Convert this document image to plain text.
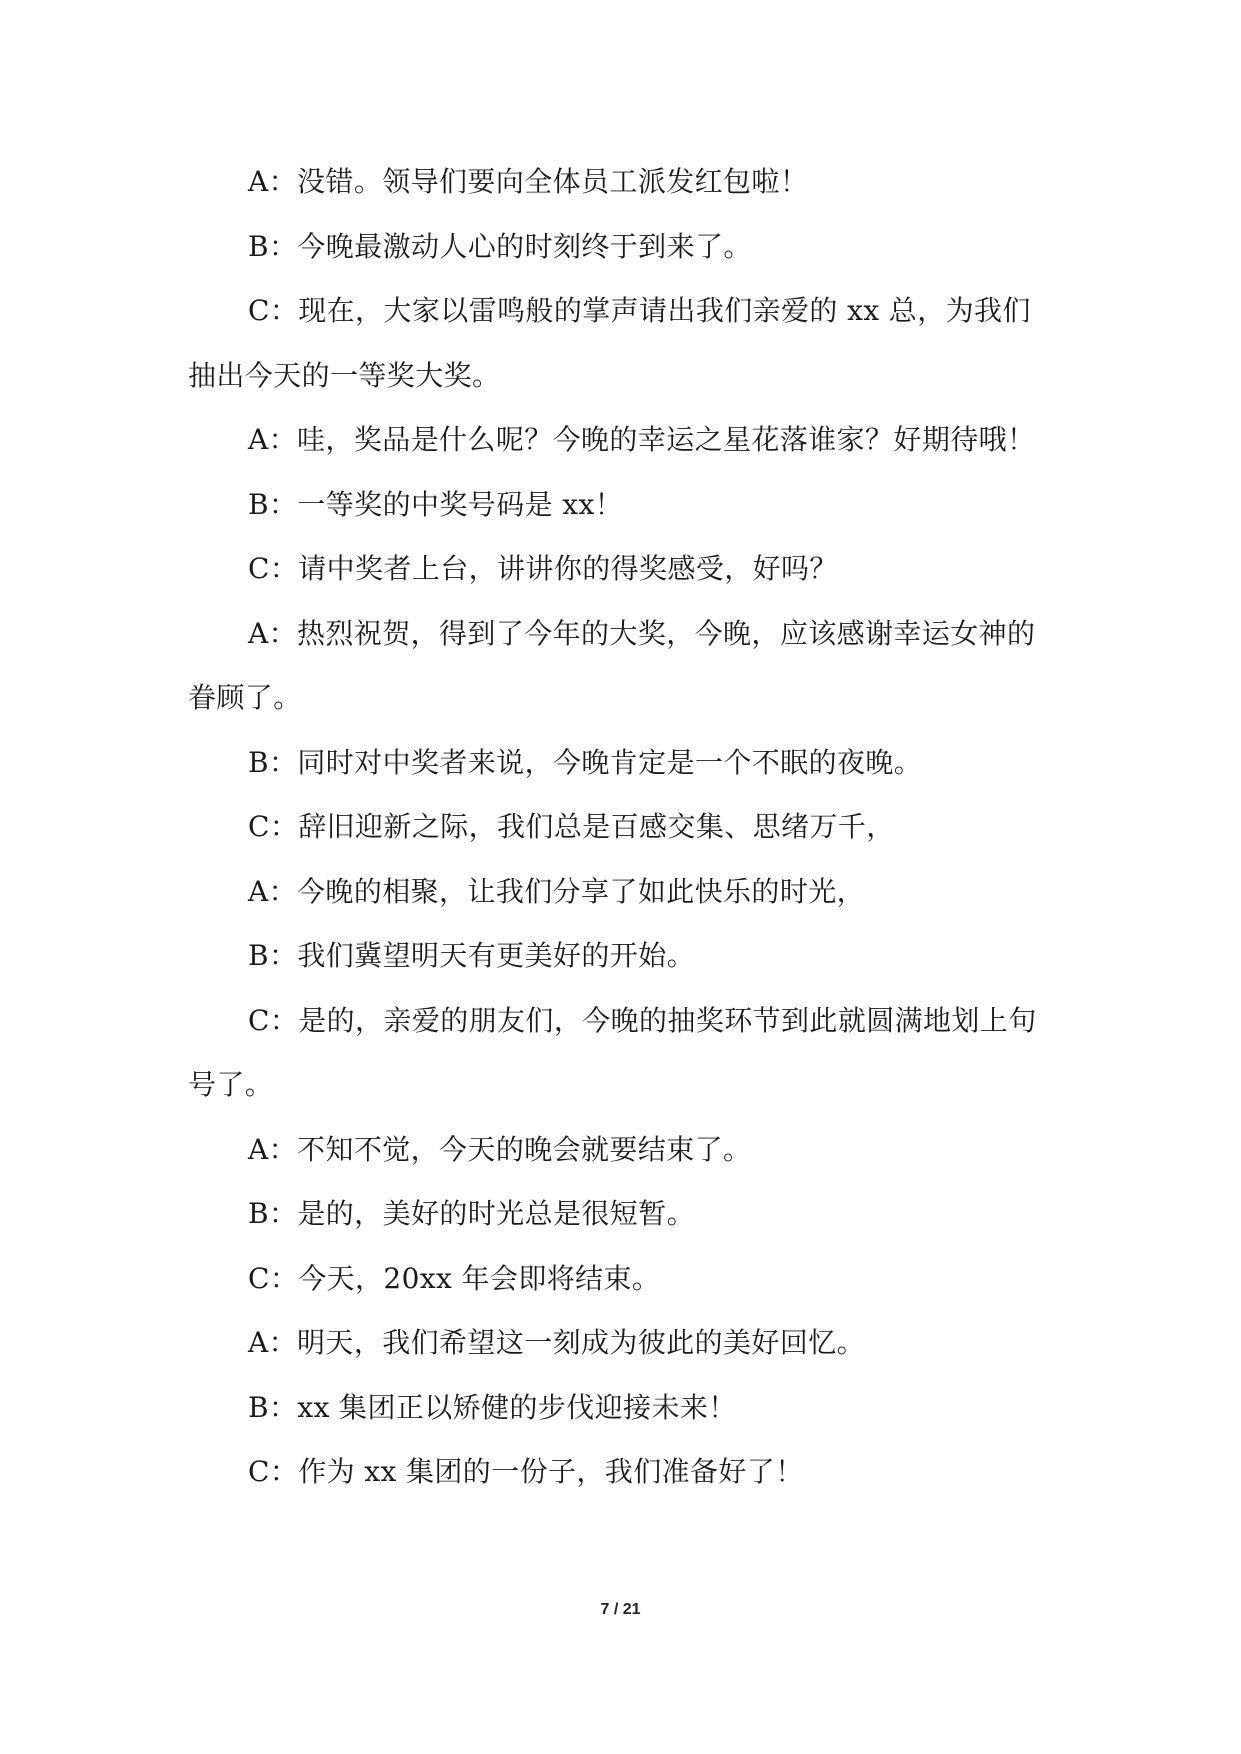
A：没错。领导们要向全体员工派发红包啦！

B：今晚最激动人心的时刻终于到来了。

C：现在，大家以雷鸣般的掌声请出我们亲爱的 xx 总，为我们抽出今天的一等奖大奖。

A：哇，奖品是什么呢？今晚的幸运之星花落谁家？好期待哦！

B：一等奖的中奖号码是 xx！

C：请中奖者上台，讲讲你的得奖感受，好吗？

A：热烈祝贺，得到了今年的大奖，今晚，应该感谢幸运女神的眷顾了。

B：同时对中奖者来说，今晚肯定是一个不眠的夜晚。

C：辞旧迎新之际，我们总是百感交集、思绪万千，

A：今晚的相聚，让我们分享了如此快乐的时光，

B：我们冀望明天有更美好的开始。

C：是的，亲爱的朋友们，今晚的抽奖环节到此就圆满地划上句号了。

A：不知不觉，今天的晚会就要结束了。

B：是的，美好的时光总是很短暂。

C：今天，20xx 年会即将结束。

A：明天，我们希望这一刻成为彼此的美好回忆。

B：xx 集团正以矫健的步伐迎接未来！

C：作为 xx 集团的一份子，我们准备好了！

7 / 21
